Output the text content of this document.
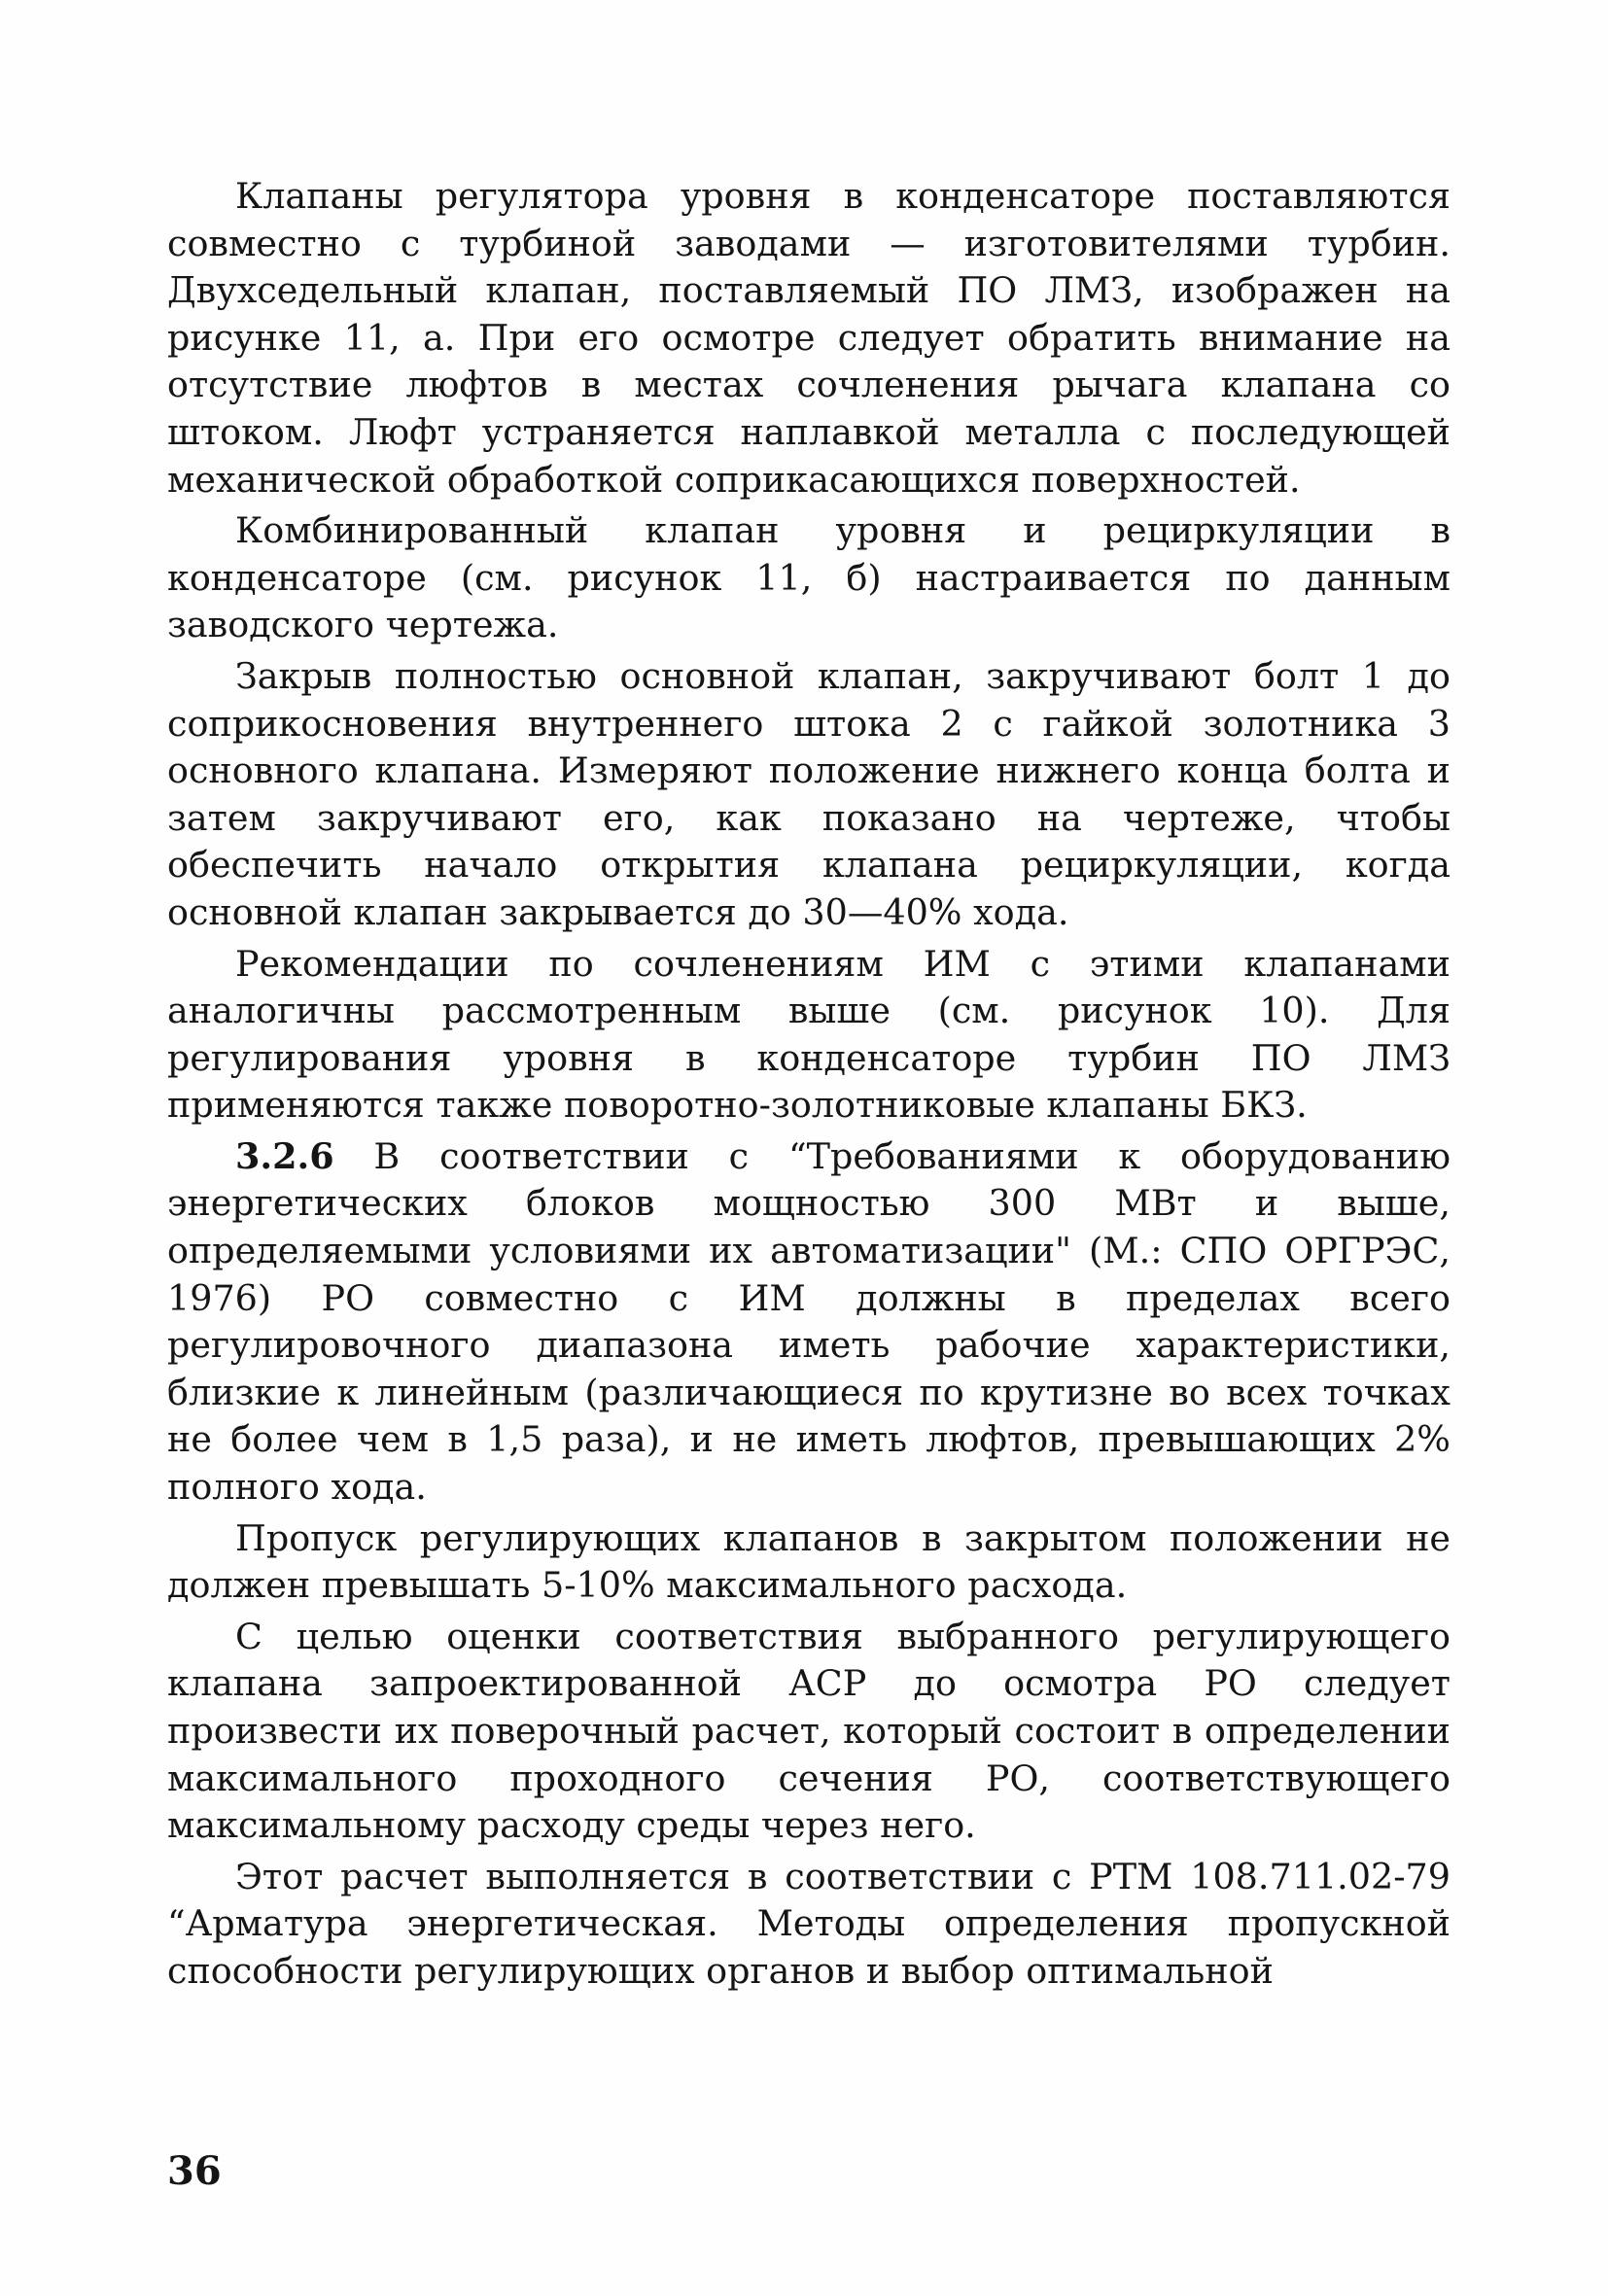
Клапаны регулятора уровня в конденсаторе поставляются совместно с турбиной заводами — изготовителями турбин. Двухседельный клапан, поставляемый ПО ЛМЗ, изображен на рисунке 11, а. При его осмотре следует обратить внимание на отсутствие люфтов в местах сочленения рычага клапана со штоком. Люфт устраняется наплавкой металла с последующей механической обработкой соприкасающихся поверхностей.

Комбинированный клапан уровня и рециркуляции в конденсаторе (см. рисунок 11, б) настраивается по данным заводского чертежа.

Закрыв полностью основной клапан, закручивают болт 1 до соприкосновения внутреннего штока 2 с гайкой золотника 3 основного клапана. Измеряют положение нижнего конца болта и затем закручивают его, как показано на чертеже, чтобы обеспечить начало открытия клапана рециркуляции, когда основной клапан закрывается до 30—40% хода.

Рекомендации по сочленениям ИМ с этими клапанами аналогичны рассмотренным выше (см. рисунок 10). Для регулирования уровня в конденсаторе турбин ПО ЛМЗ применяются также поворотно-золотниковые клапаны БКЗ.

3.2.6 В соответствии с “Требованиями к оборудованию энергетических блоков мощностью 300 МВт и выше, определяемыми условиями их автоматизации" (М.: СПО ОРГРЭС, 1976) РО совместно с ИМ должны в пределах всего регулировочного диапазона иметь рабочие характеристики, близкие к линейным (различающиеся по крутизне во всех точках не более чем в 1,5 раза), и не иметь люфтов, превышающих 2% полного хода.

Пропуск регулирующих клапанов в закрытом положении не должен превышать 5-10% максимального расхода.

С целью оценки соответствия выбранного регулирующего клапана запроектированной АСР до осмотра РО следует произвести их поверочный расчет, который состоит в определении максимального проходного сечения РО, соответствующего максимальному расходу среды через него.

Этот расчет выполняется в соответствии с РТМ 108.711.02-79 “Арматура энергетическая. Методы определения пропускной способности регулирующих органов и выбор оптимальной

36
